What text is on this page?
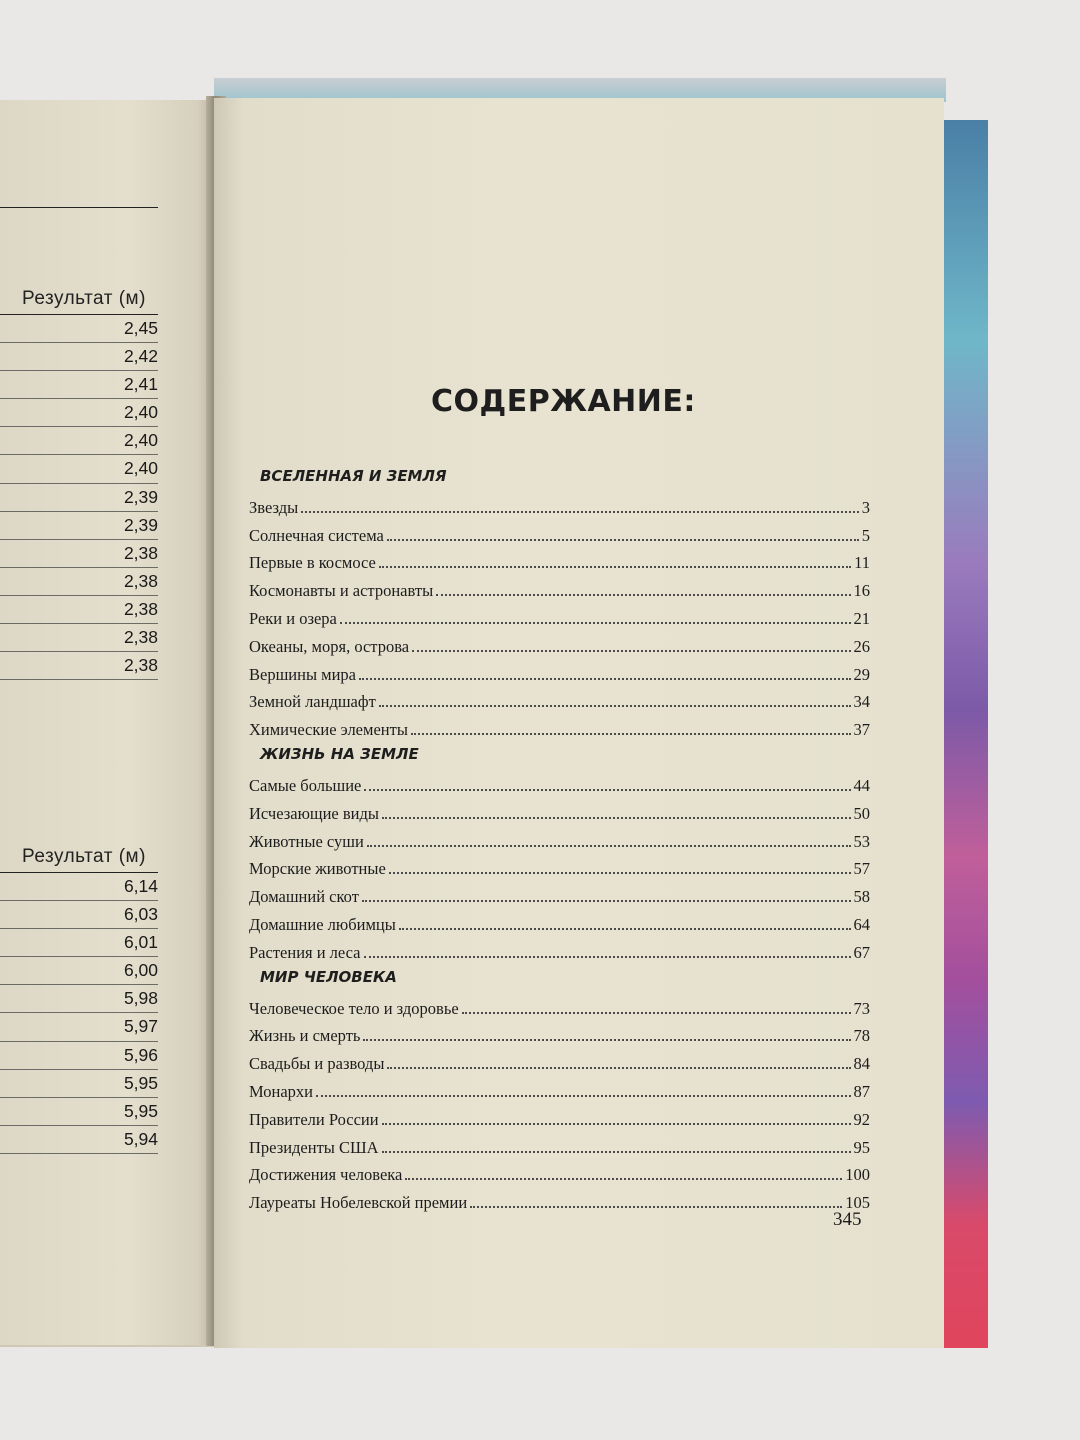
Результат (м)
2,45
2,42
2,41
2,40
2,40
2,40
2,39
2,39
2,38
2,38
2,38
2,38
2,38
Результат (м)
6,14
6,03
6,01
6,00
5,98
5,97
5,96
5,95
5,95
5,94
СОДЕРЖАНИЕ:
ВСЕЛЕННАЯ И ЗЕМЛЯ
Звезды	3
Солнечная система	5
Первые в космосе	11
Космонавты и астронавты	16
Реки и озера	21
Океаны, моря, острова	26
Вершины мира	29
Земной ландшафт	34
Химические элементы	37
ЖИЗНЬ НА ЗЕМЛЕ
Самые большие	44
Исчезающие виды	50
Животные суши	53
Морские животные	57
Домашний скот	58
Домашние любимцы	64
Растения и леса	67
МИР ЧЕЛОВЕКА
Человеческое тело и здоровье	73
Жизнь и смерть	78
Свадьбы и разводы	84
Монархи	87
Правители России	92
Президенты США	95
Достижения человека	100
Лауреаты Нобелевской премии	105
345
